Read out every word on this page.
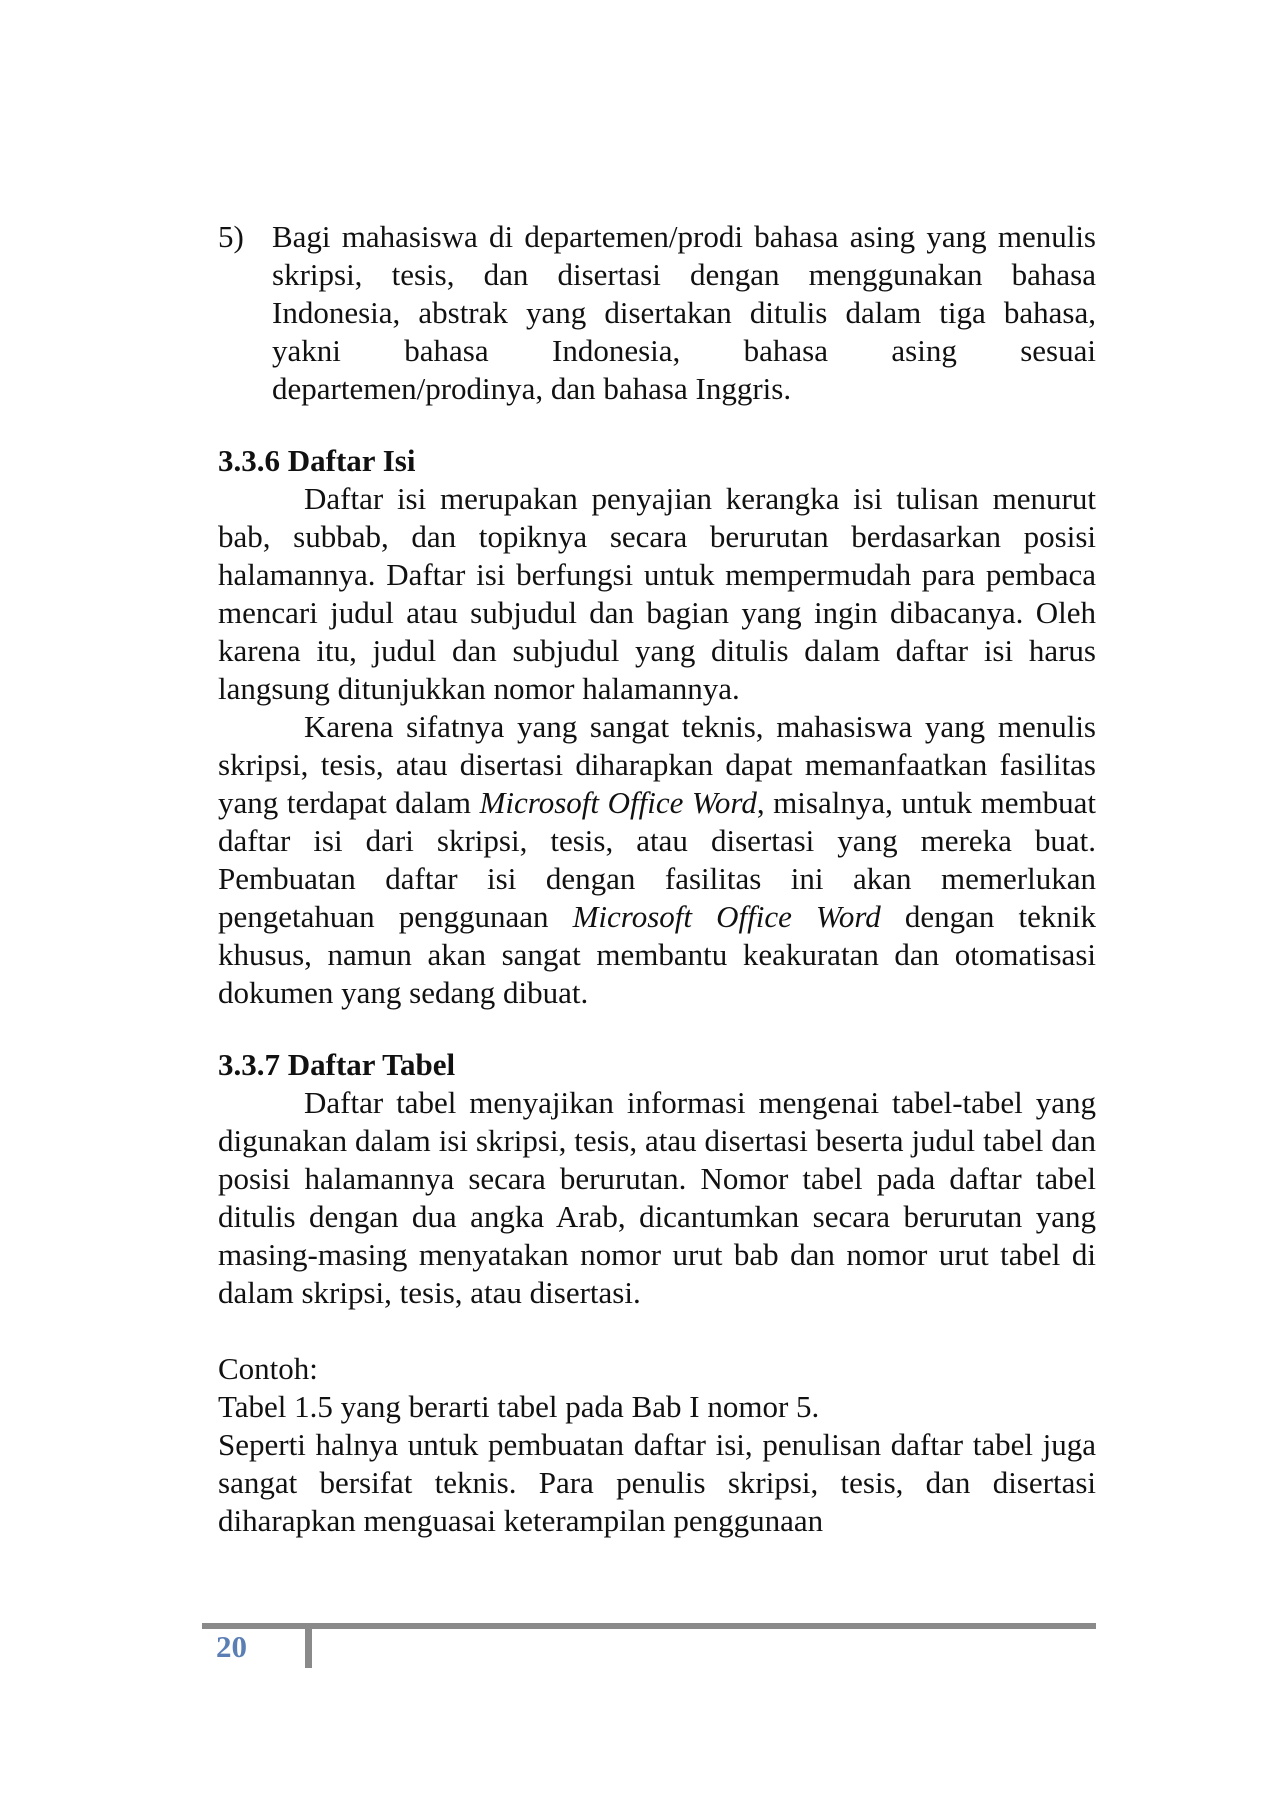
5) Bagi mahasiswa di departemen/prodi bahasa asing yang menulis skripsi, tesis, dan disertasi dengan menggunakan bahasa Indonesia, abstrak yang disertakan ditulis dalam tiga bahasa, yakni bahasa Indonesia, bahasa asing sesuai departemen/prodinya, dan bahasa Inggris.
3.3.6 Daftar Isi

Daftar isi merupakan penyajian kerangka isi tulisan menurut bab, subbab, dan topiknya secara berurutan berdasarkan posisi halamannya. Daftar isi berfungsi untuk mempermudah para pembaca mencari judul atau subjudul dan bagian yang ingin dibacanya. Oleh karena itu, judul dan subjudul yang ditulis dalam daftar isi harus langsung ditunjukkan nomor halamannya.

Karena sifatnya yang sangat teknis, mahasiswa yang menulis skripsi, tesis, atau disertasi diharapkan dapat memanfaatkan fasilitas yang terdapat dalam Microsoft Office Word, misalnya, untuk membuat daftar isi dari skripsi, tesis, atau disertasi yang mereka buat. Pembuatan daftar isi dengan fasilitas ini akan memerlukan pengetahuan penggunaan Microsoft Office Word dengan teknik khusus, namun akan sangat membantu keakuratan dan otomatisasi dokumen yang sedang dibuat.

3.3.7 Daftar Tabel

Daftar tabel menyajikan informasi mengenai tabel-tabel yang digunakan dalam isi skripsi, tesis, atau disertasi beserta judul tabel dan posisi halamannya secara berurutan. Nomor tabel pada daftar tabel ditulis dengan dua angka Arab, dicantumkan secara berurutan yang masing-masing menyatakan nomor urut bab dan nomor urut tabel di dalam skripsi, tesis, atau disertasi.

Contoh:

Tabel 1.5 yang berarti tabel pada Bab I nomor 5.

Seperti halnya untuk pembuatan daftar isi, penulisan daftar tabel juga sangat bersifat teknis. Para penulis skripsi, tesis, dan disertasi diharapkan menguasai keterampilan penggunaan

20
